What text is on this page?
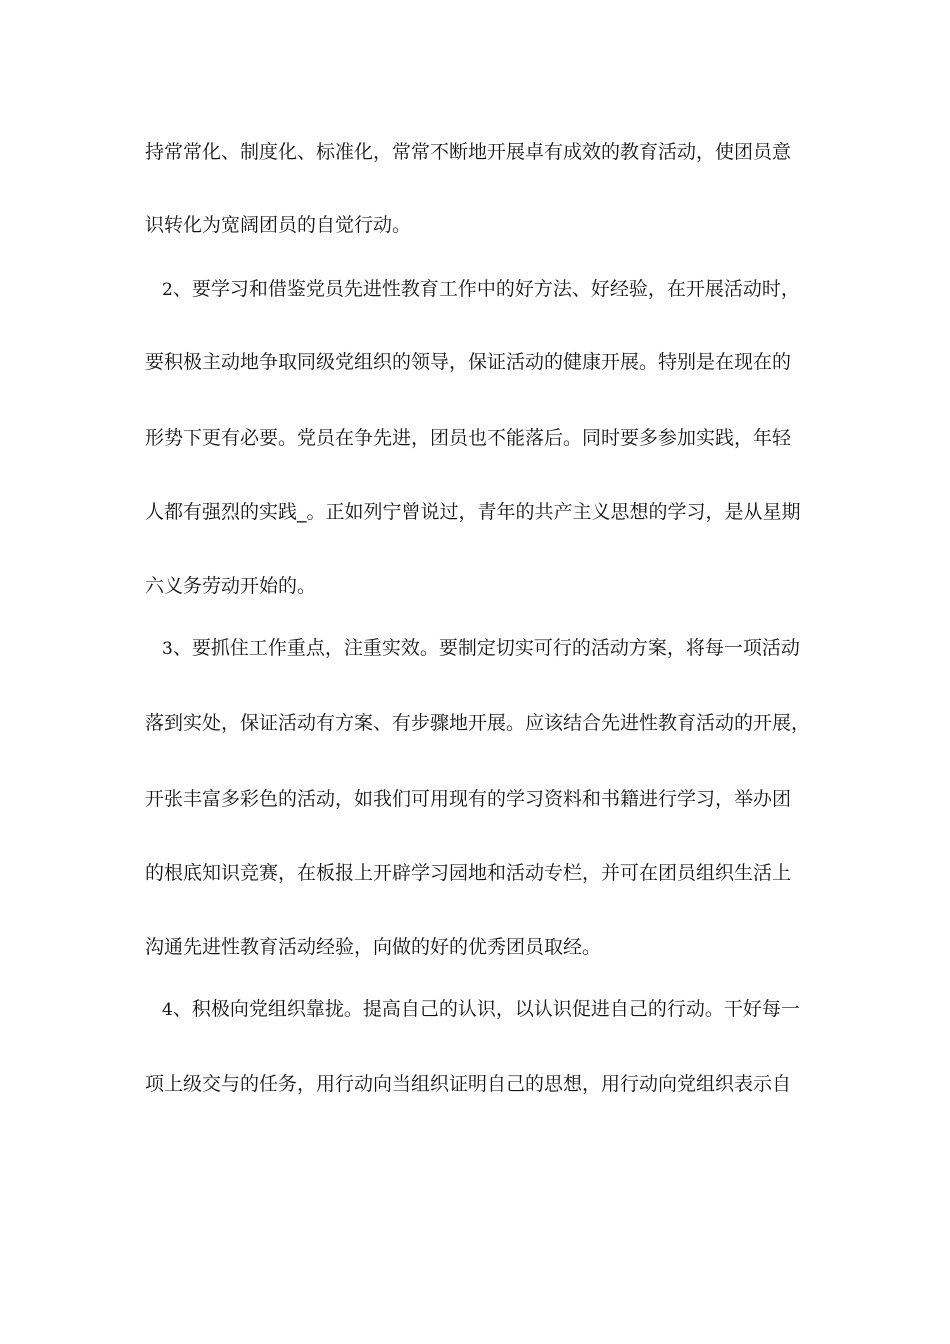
持常常化、制度化、标准化，常常不断地开展卓有成效的教育活动，使团员意
识转化为宽阔团员的自觉行动。
2、要学习和借鉴党员先进性教育工作中的好方法、好经验，在开展活动时，
要积极主动地争取同级党组织的领导，保证活动的健康开展。特别是在现在的
形势下更有必要。党员在争先进，团员也不能落后。同时要多参加实践，年轻
人都有强烈的实践_。正如列宁曾说过，青年的共产主义思想的学习，是从星期
六义务劳动开始的。
3、要抓住工作重点，注重实效。要制定切实可行的活动方案，将每一项活动
落到实处，保证活动有方案、有步骤地开展。应该结合先进性教育活动的开展，
开张丰富多彩色的活动，如我们可用现有的学习资料和书籍进行学习，举办团
的根底知识竞赛，在板报上开辟学习园地和活动专栏，并可在团员组织生活上
沟通先进性教育活动经验，向做的好的优秀团员取经。
4、积极向党组织靠拢。提高自己的认识，以认识促进自己的行动。干好每一
项上级交与的任务，用行动向当组织证明自己的思想，用行动向党组织表示自
